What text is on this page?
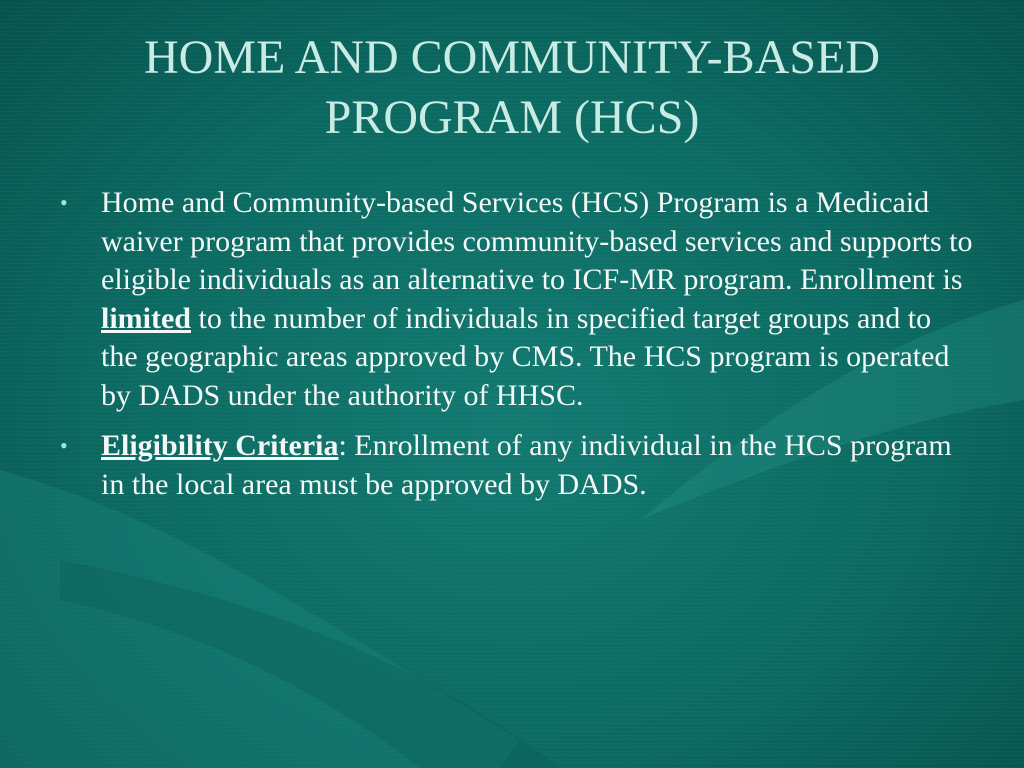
HOME AND COMMUNITY-BASED PROGRAM (HCS)
• Home and Community-based Services (HCS) Program is a Medicaid waiver program that provides community-based services and supports to eligible individuals as an alternative to ICF-MR program. Enrollment is limited to the number of individuals in specified target groups and to the geographic areas approved by CMS. The HCS program is operated by DADS under the authority of HHSC.
• Eligibility Criteria: Enrollment of any individual in the HCS program in the local area must be approved by DADS.
